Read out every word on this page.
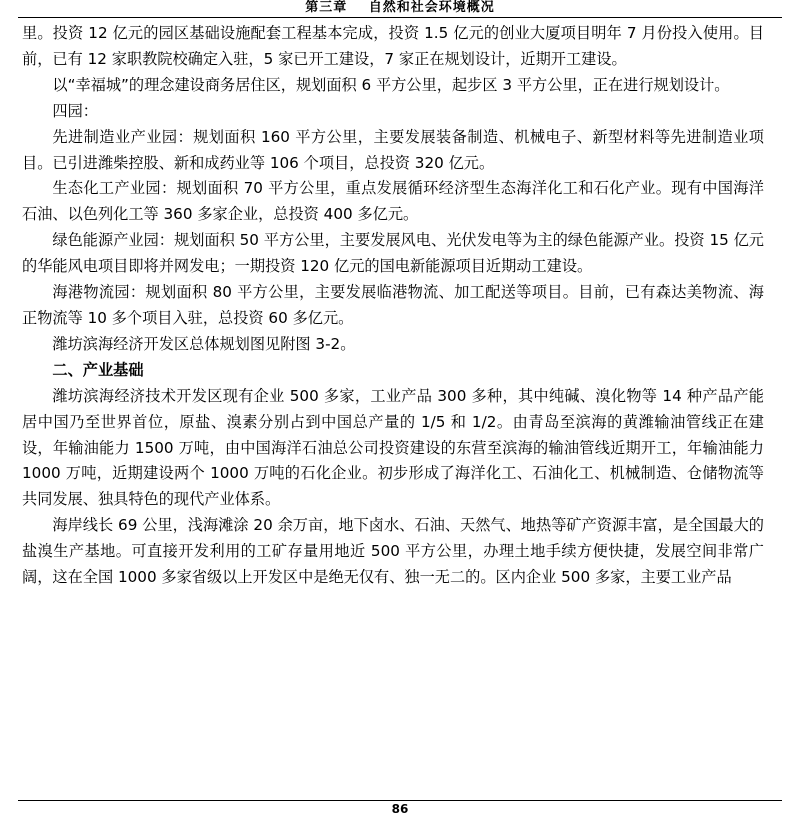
第三章 自然和社会环境概况

里。投资 12 亿元的园区基础设施配套工程基本完成，投资 1.5 亿元的创业大厦项目明年 7 月份投入使用。目前，已有 12 家职教院校确定入驻，5 家已开工建设，7 家正在规划设计，近期开工建设。

以“幸福城”的理念建设商务居住区，规划面积 6 平方公里，起步区 3 平方公里，正在进行规划设计。

四园：

先进制造业产业园：规划面积 160 平方公里，主要发展装备制造、机械电子、新型材料等先进制造业项目。已引进潍柴控股、新和成药业等 106 个项目，总投资 320 亿元。

生态化工产业园：规划面积 70 平方公里，重点发展循环经济型生态海洋化工和石化产业。现有中国海洋石油、以色列化工等 360 多家企业，总投资 400 多亿元。

绿色能源产业园：规划面积 50 平方公里，主要发展风电、光伏发电等为主的绿色能源产业。投资 15 亿元的华能风电项目即将并网发电；一期投资 120 亿元的国电新能源项目近期动工建设。

海港物流园：规划面积 80 平方公里，主要发展临港物流、加工配送等项目。目前，已有森达美物流、海正物流等 10 多个项目入驻，总投资 60 多亿元。

潍坊滨海经济开发区总体规划图见附图 3-2。

二、产业基础

潍坊滨海经济技术开发区现有企业 500 多家，工业产品 300 多种，其中纯碱、溴化物等 14 种产品产能居中国乃至世界首位，原盐、溴素分别占到中国总产量的 1/5 和 1/2。由青岛至滨海的黄潍输油管线正在建设，年输油能力 1500 万吨，由中国海洋石油总公司投资建设的东营至滨海的输油管线近期开工，年输油能力 1000 万吨，近期建设两个 1000 万吨的石化企业。初步形成了海洋化工、石油化工、机械制造、仓储物流等共同发展、独具特色的现代产业体系。

海岸线长 69 公里，浅海滩涂 20 余万亩，地下卤水、石油、天然气、地热等矿产资源丰富，是全国最大的盐溴生产基地。可直接开发利用的工矿存量用地近 500 平方公里，办理土地手续方便快捷，发展空间非常广阔，这在全国 1000 多家省级以上开发区中是绝无仅有、独一无二的。区内企业 500 多家，主要工业产品

86
